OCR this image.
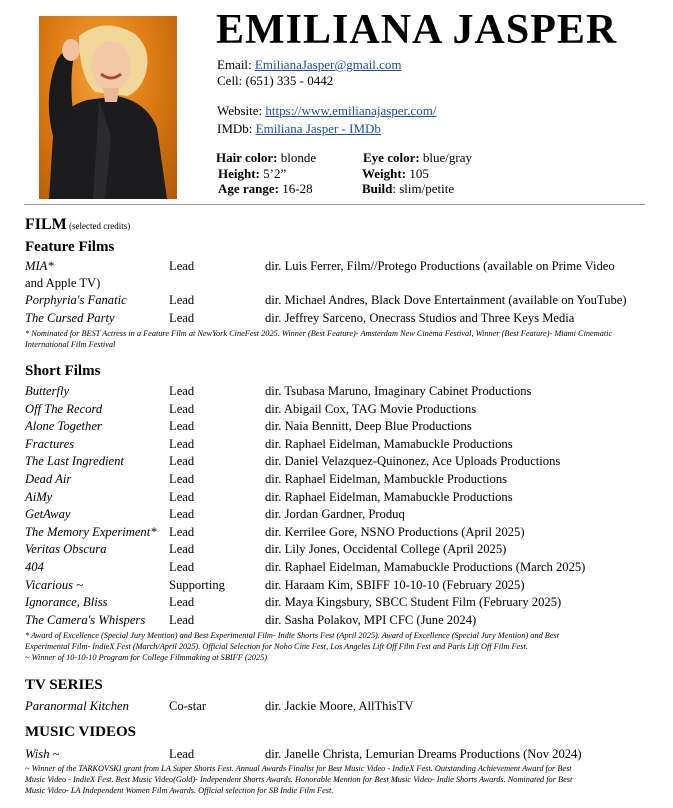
EMILIANA JASPER
Email: EmilianaJasper@gmail.com
Cell: (651) 335 - 0442
Website: https://www.emilianajasper.com/
IMDb: Emiliana Jasper - IMDb
Hair color: blonde	Eye color: blue/gray
Height: 5’2”	Weight: 105
Age range: 16-28	Build: slim/petite
FILM (selected credits)
Feature Films
MIA*	Lead	dir. Luis Ferrer, Film//Protego Productions (available on Prime Video
and Apple TV)
Porphyria's Fanatic	Lead	dir. Michael Andres, Black Dove Entertainment (available on YouTube)
The Cursed Party	Lead	dir. Jeffrey Sarceno, Onecrass Studios and Three Keys Media
* Nominated for BEST Actress in a Feature Film at NewYork CineFest 2025. Winner (Best Feature)- Amsterdam New Cinema Festival, Winner (Best Feature)- Miami Cinematic International Film Festival
Short Films
Butterfly	Lead	dir. Tsubasa Maruno, Imaginary Cabinet Productions
Off The Record	Lead	dir. Abigail Cox, TAG Movie Productions
Alone Together	Lead	dir. Naia Bennitt, Deep Blue Productions
Fractures	Lead	dir. Raphael Eidelman, Mamabuckle Productions
The Last Ingredient	Lead	dir. Daniel Velazquez-Quinonez, Ace Uploads Productions
Dead Air	Lead	dir. Raphael Eidelman, Mambuckle Productions
AiMy	Lead	dir. Raphael Eidelman, Mamabuckle Productions
GetAway	Lead	dir. Jordan Gardner, Produq
The Memory Experiment* Lead	dir. Kerrilee Gore, NSNO Productions (April 2025)
Veritas Obscura	Lead	dir. Lily Jones, Occidental College (April 2025)
404	Lead	dir. Raphael Eidelman, Mamabuckle Productions (March 2025)
Vicarious ~	Supporting	dir. Haraam Kim, SBIFF 10-10-10 (February 2025)
Ignorance, Bliss	Lead	dir. Maya Kingsbury, SBCC Student Film (February 2025)
The Camera's Whispers Lead	dir. Sasha Polakov, MPI CFC (June 2024)
* Award of Excellence (Special Jury Mention) and Best Experimental Film- Indie Shorts Fest (April 2025). Award of Excellence (Special Jury Mention) and Best
Experimental Film- IndieX Fest (March/April 2025). Official Selection for Noho Cine Fest, Los Angeles Lift Off Film Fest and Paris Lift Off Film Fest.
~ Winner of 10-10-10 Program for College Filmmaking at SBIFF (2025)
TV SERIES
Paranormal Kitchen	Co-star	dir. Jackie Moore, AllThisTV
MUSIC VIDEOS
Wish ~	Lead	dir. Janelle Christa, Lemurian Dreams Productions (Nov 2024)
~ Winner of the TARKOVSKI grant from LA Super Shorts Fest. Annual Awards Finalist for Best Music Video - IndieX Fest. Outstanding Achievement Award for Best
Music Video - IndieX Fest. Best Music Video(Gold)- Independent Shorts Awards. Honorable Mention for Best Music Video- Indie Shorts Awards. Nominated for Best
Music Video- LA Independent Women Film Awards. Official selection for SB Indie Film Fest.
